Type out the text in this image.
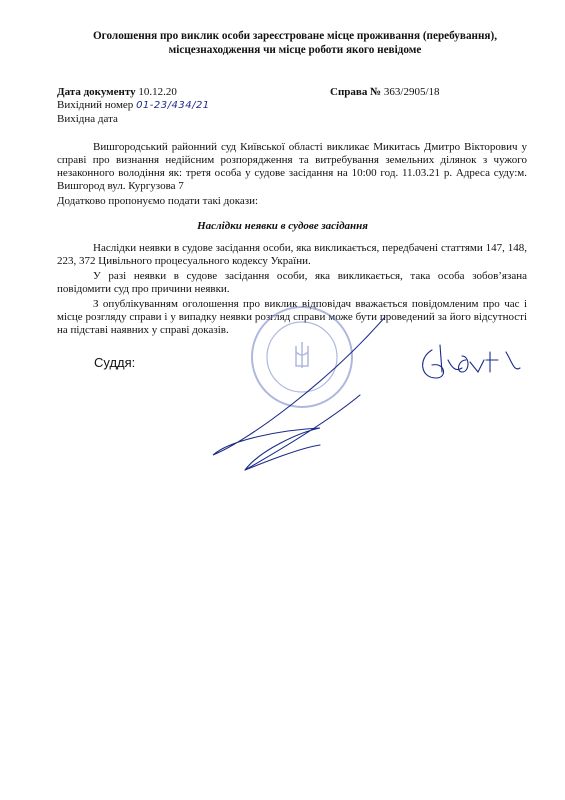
Оголошення про виклик особи зареєстроване місце проживання (перебування),
місцезнаходження чи місце роботи якого невідоме
Дата документу 10.12.20	Справа № 363/2905/18
Вихідний номер 01-23/434/21
Вихідна дата
Вишгородський районний суд Київської області викликає Микитась Дмитро Вікторович у справі про визнання недійсним розпорядження та витребування земельних ділянок з чужого незаконного володіння як: третя особа у судове засідання на 10:00 год. 11.03.21 р. Адреса суду:м. Вишгород вул. Кургузова 7
Додатково пропонуємо подати такі докази:
Наслідки неявки в судове засідання
Наслідки неявки в судове засідання особи, яка викликається, передбачені статтями 147, 148, 223, 372 Цивільного процесуального кодексу України.
У разі неявки в судове засідання особи, яка викликається, така особа зобов’язана повідомити суд про причини неявки.
З опублікуванням оголошення про виклик відповідач вважається повідомленим про час і місце розгляду справи і у випадку неявки розгляд справи може бути проведений за його відсутності на підставі наявних у справі доказів.
Суддя:
